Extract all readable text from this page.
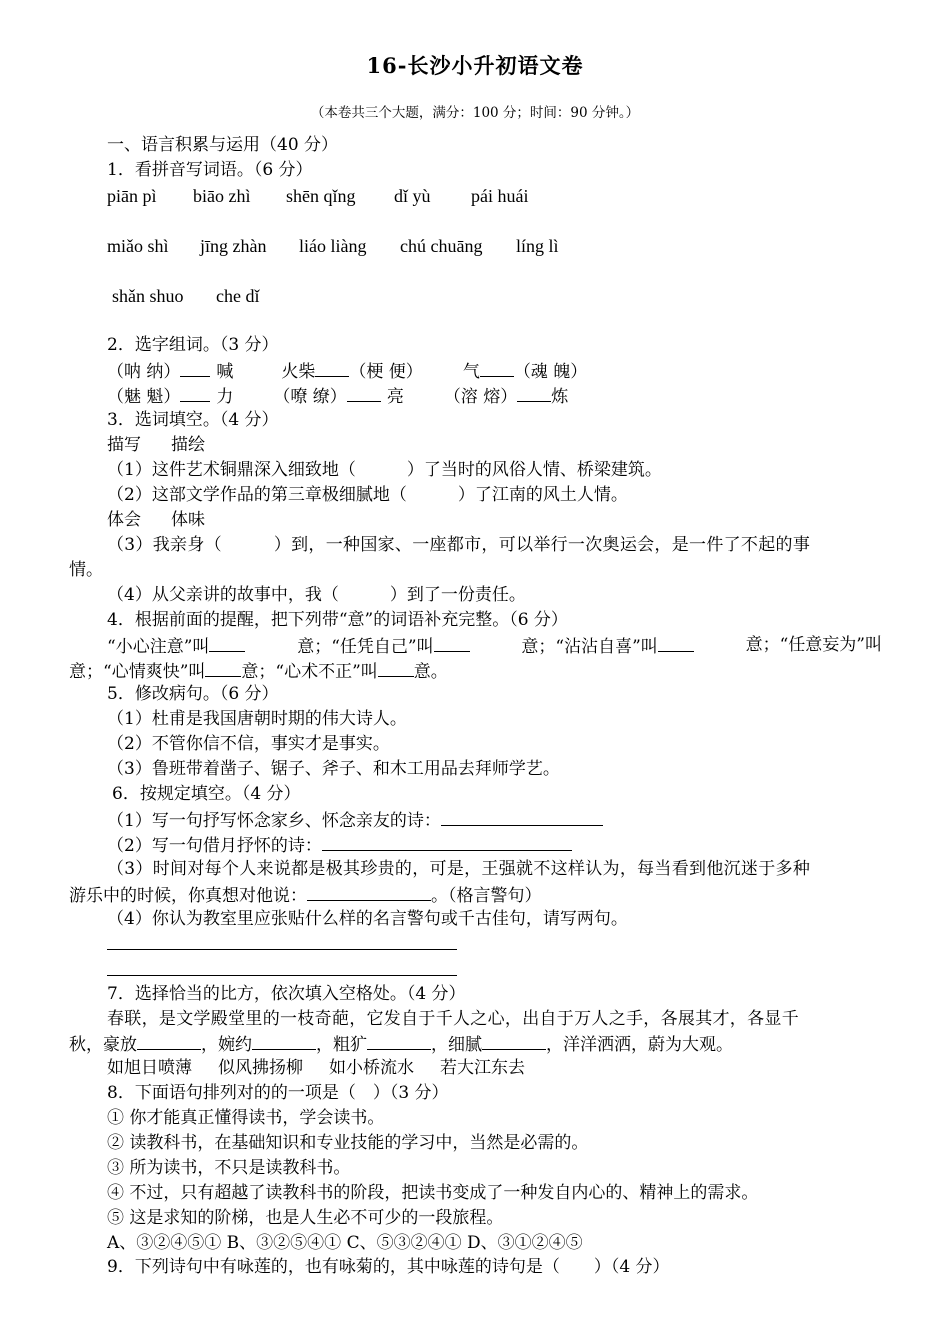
16-长沙小升初语文卷
（本卷共三个大题，满分：100 分；时间：90 分钟。）
一、语言积累与运用（40 分）
1．看拼音写词语。（6 分）
piān pì biāo zhì shēn qǐng dǐ yù pái huái
miǎo shì jīng zhàn liáo liàng chú chuāng líng lì
shǎn shuo che dǐ
2．选字组词。（3 分）
（呐 纳） 喊	火柴 （梗 便） 气 （魂 魄）
（魅 魁） 力 （嘹 缭） 亮 （溶 熔） 炼
3．选词填空。（4 分）
描写 描绘
（1）这件艺术铜鼎深入细致地（　　　）了当时的风俗人情、桥梁建筑。
（2）这部文学作品的第三章极细腻地（　　　）了江南的风土人情。
体会 体味
（3）我亲身（　　　）到，一种国家、一座都市，可以举行一次奥运会，是一件了不起的事
情。
（4）从父亲讲的故事中，我（　　　）到了一份责任。
4．根据前面的提醒，把下列带“意”的词语补充完整。（6 分）
“小心注意”叫	意；“任凭自己”叫	意；“沾沾自喜”叫	意；“任意妄为”叫
意；“心情爽快”叫 意；“心术不正”叫 意。
5．修改病句。（6 分）
（1）杜甫是我国唐朝时期的伟大诗人。
（2）不管你信不信，事实才是事实。
（3）鲁班带着凿子、锯子、斧子、和木工用品去拜师学艺。
6．按规定填空。（4 分）
（1）写一句抒写怀念家乡、怀念亲友的诗：
（2）写一句借月抒怀的诗：
（3）时间对每个人来说都是极其珍贵的，可是，王强就不这样认为，每当看到他沉迷于多种
游乐中的时候，你真想对他说：	。（格言警句）
（4）你认为教室里应张贴什么样的名言警句或千古佳句，请写两句。
7．选择恰当的比方，依次填入空格处。（4 分）
春联，是文学殿堂里的一枝奇葩，它发自于千人之心，出自于万人之手，各展其才，各显千
秋，豪放	，婉约	，粗犷	，细腻	，洋洋洒洒，蔚为大观。
如旭日喷薄 似风拂扬柳 如小桥流水 若大江东去
8．下面语句排列对的的一项是（　）（3 分）
① 你才能真正懂得读书，学会读书。
② 读教科书，在基础知识和专业技能的学习中，当然是必需的。
③ 所为读书，不只是读教科书。
④ 不过，只有超越了读教科书的阶段，把读书变成了一种发自内心的、精神上的需求。
⑤ 这是求知的阶梯，也是人生必不可少的一段旅程。
A、③②④⑤① B、③②⑤④① C、⑤③②④① D、③①②④⑤
9．下列诗句中有咏莲的，也有咏菊的，其中咏莲的诗句是（　　）（4 分）
